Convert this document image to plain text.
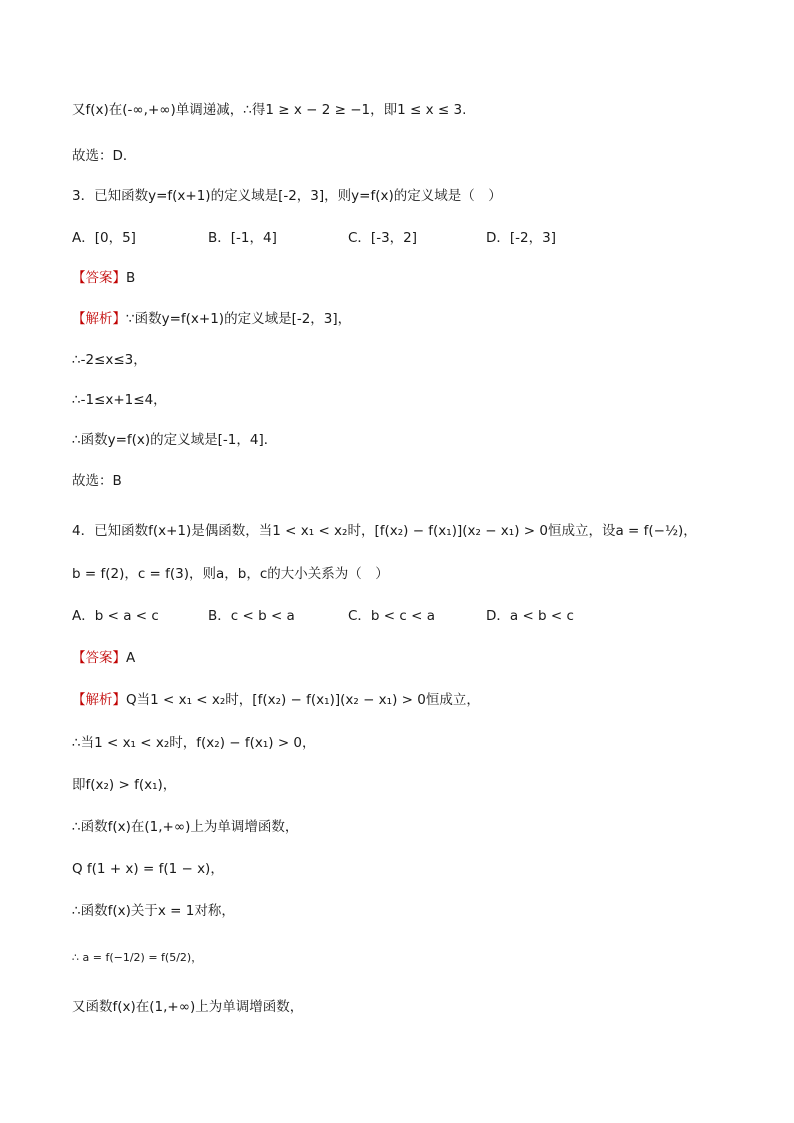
又f(x)在(-∞,+∞)单调递减，∴得1 ≥ x − 2 ≥ −1，即1 ≤ x ≤ 3.
故选：D．
3．已知函数y=f(x+1)的定义域是[-2，3]，则y=f(x)的定义域是（　）
A．[0，5]	B．[-1，4]	C．[-3，2]	D．[-2，3]
【答案】B
【解析】∵函数y=f(x+1)的定义域是[-2，3]，
∴-2≤x≤3，
∴-1≤x+1≤4，
∴函数y=f(x)的定义域是[-1，4]．
故选：B
4．已知函数f(x+1)是偶函数，当1 < x₁ < x₂时，[f(x₂) − f(x₁)](x₂ − x₁) > 0恒成立，设a = f(−½)，
b = f(2)，c = f(3)，则a，b，c的大小关系为（　）
A．b < a < c	B．c < b < a	C．b < c < a	D．a < b < c
【答案】A
【解析】Q当1 < x₁ < x₂时，[f(x₂) − f(x₁)](x₂ − x₁) > 0恒成立，
∴当1 < x₁ < x₂时，f(x₂) − f(x₁) > 0，
即f(x₂) > f(x₁)，
∴函数f(x)在(1,+∞)上为单调增函数，
Q f(1 + x) = f(1 − x)，
∴函数f(x)关于x = 1对称，
∴ a = f(−1/2) = f(5/2)，
又函数f(x)在(1,+∞)上为单调增函数，
